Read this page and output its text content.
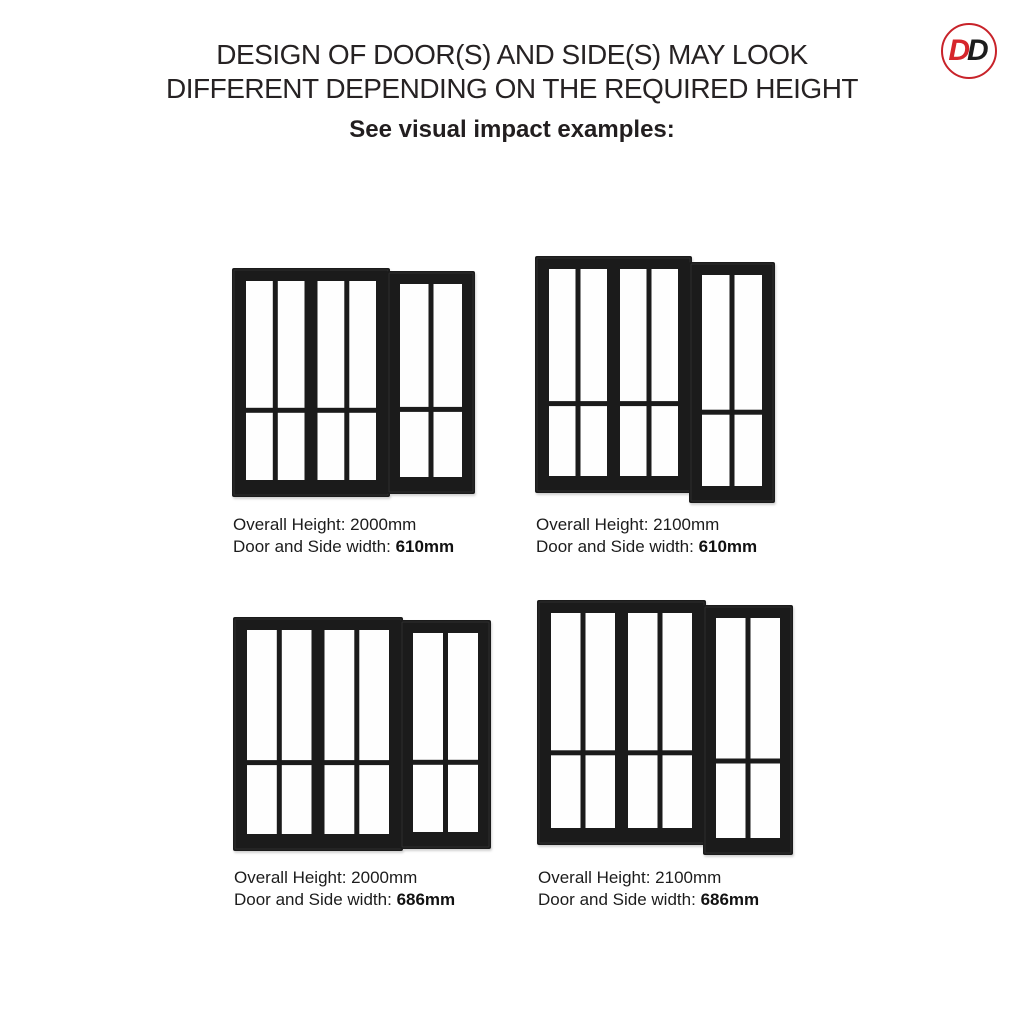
DESIGN OF DOOR(S) AND SIDE(S) MAY LOOK
DIFFERENT DEPENDING ON THE REQUIRED HEIGHT
See visual impact examples:
D D
Overall Height: 2000mm
Door and Side width: 610mm
Overall Height: 2100mm
Door and Side width: 610mm
Overall Height: 2000mm
Door and Side width: 686mm
Overall Height: 2100mm
Door and Side width: 686mm
